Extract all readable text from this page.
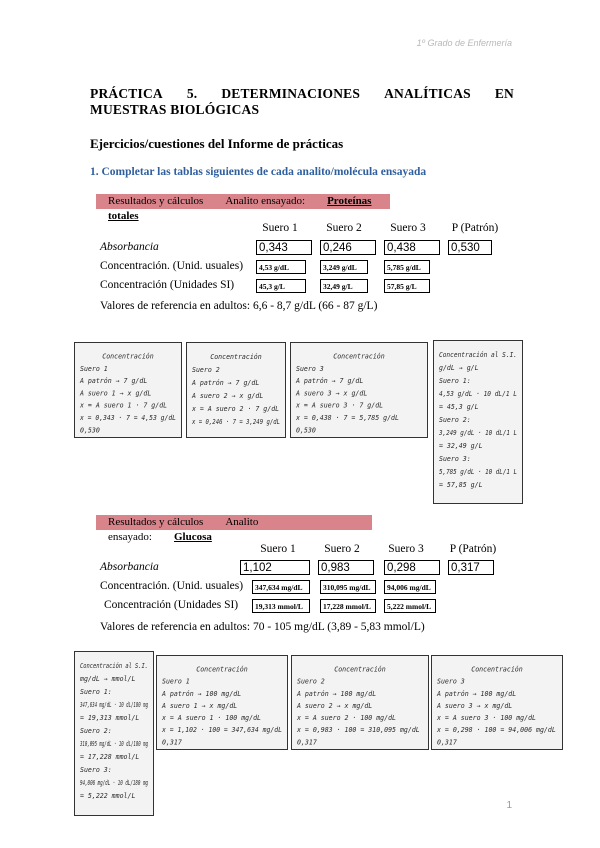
1º Grado de Enfermería
PRÁCTICA 5. DETERMINACIONES ANALÍTICAS EN
MUESTRAS BIOLÓGICAS
Ejercicios/cuestiones del Informe de prácticas
1. Completar las tablas siguientes de cada analito/molécula ensayada
Resultados y cálculos Analito ensayado: Proteínas totales
Suero 1	Suero 2	Suero 3	P (Patrón)
Absorbancia	0,343	0,246	0,438	0,530
Concentración. (Unid. usuales)	4,53 g/dL	3,249 g/dL	5,785 g/dL
Concentración (Unidades SI)	45,3 g/L	32,49 g/L	57,85 g/L
Valores de referencia en adultos: 6,6 - 8,7 g/dL (66 - 87 g/L)
Concentración
Suero 1
A patrón → 7 g/dL
A suero 1 → x g/dL
x = A suero 1 · 7 g/dL
x = 0,343 · 7 = 4,53 g/dL
0,530
Concentración
Suero 2
A patrón → 7 g/dL
A suero 2 → x g/dL
x = A suero 2 · 7 g/dL
x = 0,246 · 7 = 3,249 g/dL
Concentración
Suero 3
A patrón → 7 g/dL
A suero 3 → x g/dL
x = A suero 3 · 7 g/dL
x = 0,438 · 7 = 5,785 g/dL
0,530
Concentración al S.I.
g/dL → g/L
Suero 1:
4,53 g/dL · 10 dL/1 L
= 45,3 g/L
Suero 2:
3,249 g/dL · 10 dL/1 L
= 32,49 g/L
Suero 3:
5,785 g/dL · 10 dL/1 L
= 57,85 g/L
Resultados y cálculos Analito ensayado: Glucosa
Suero 1	Suero 2	Suero 3	P (Patrón)
Absorbancia	1,102	0,983	0,298	0,317
Concentración. (Unid. usuales)	347,634 mg/dL	310,095 mg/dL	94,006 mg/dL
Concentración (Unidades SI)	19,313 mmol/L	17,228 mmol/L	5,222 mmol/L
Valores de referencia en adultos: 70 - 105 mg/dL (3,89 - 5,83 mmol/L)
Concentración al S.I.
mg/dL → mmol/L
Suero 1:
347,634 mg/dL · 10 dL/180 mg
= 19,313 mmol/L
Suero 2:
310,095 mg/dL · 10 dL/180 mg
= 17,228 mmol/L
Suero 3:
94,006 mg/dL · 10 dL/180 mg
= 5,222 mmol/L
Concentración
Suero 1
A patrón → 100 mg/dL
A suero 1 → x mg/dL
x = A suero 1 · 100 mg/dL
x = 1,102 · 100 = 347,634 mg/dL
0,317
Concentración
Suero 2
A patrón → 100 mg/dL
A suero 2 → x mg/dL
x = A suero 2 · 100 mg/dL
x = 0,983 · 100 = 310,095 mg/dL
0,317
Concentración
Suero 3
A patrón → 100 mg/dL
A suero 3 → x mg/dL
x = A suero 3 · 100 mg/dL
x = 0,298 · 100 = 94,006 mg/dL
0,317
1
